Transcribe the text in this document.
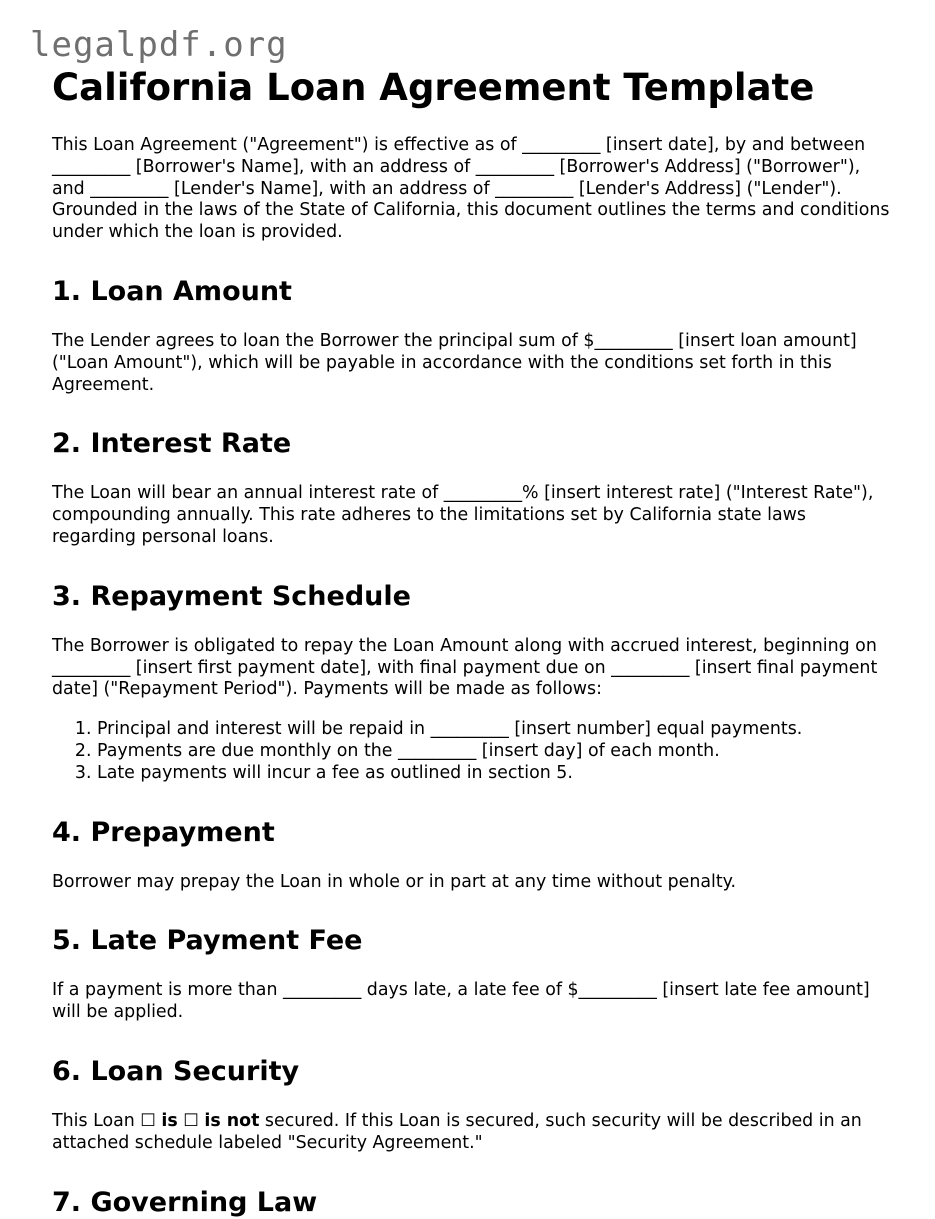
legalpdf.org
California Loan Agreement Template

This Loan Agreement ("Agreement") is effective as of _________ [insert date], by and between _________ [Borrower's Name], with an address of _________ [Borrower's Address] ("Borrower"), and _________ [Lender's Name], with an address of _________ [Lender's Address] ("Lender"). Grounded in the laws of the State of California, this document outlines the terms and conditions under which the loan is provided.

1. Loan Amount

The Lender agrees to loan the Borrower the principal sum of $_________ [insert loan amount] ("Loan Amount"), which will be payable in accordance with the conditions set forth in this Agreement.

2. Interest Rate

The Loan will bear an annual interest rate of _________% [insert interest rate] ("Interest Rate"), compounding annually. This rate adheres to the limitations set by California state laws regarding personal loans.

3. Repayment Schedule

The Borrower is obligated to repay the Loan Amount along with accrued interest, beginning on _________ [insert first payment date], with final payment due on _________ [insert final payment date] ("Repayment Period"). Payments will be made as follows:

1. Principal and interest will be repaid in _________ [insert number] equal payments.
2. Payments are due monthly on the _________ [insert day] of each month.
3. Late payments will incur a fee as outlined in section 5.
4. Prepayment

Borrower may prepay the Loan in whole or in part at any time without penalty.

5. Late Payment Fee

If a payment is more than _________ days late, a late fee of $_________ [insert late fee amount] will be applied.

6. Loan Security

This Loan ☐ is ☐ is not secured. If this Loan is secured, such security will be described in an attached schedule labeled "Security Agreement."

7. Governing Law
